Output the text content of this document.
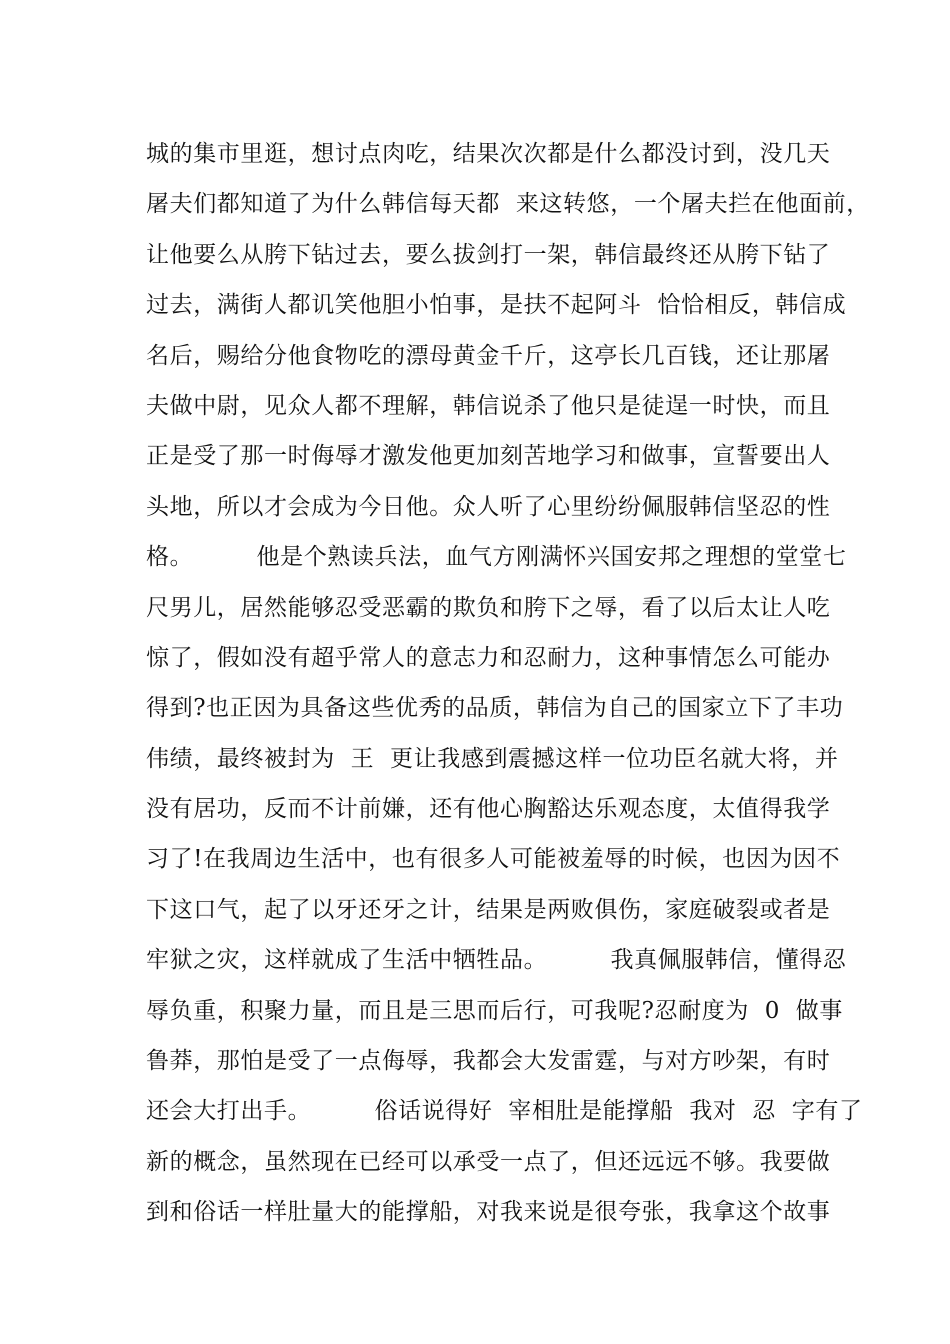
城的集市里逛，想讨点肉吃，结果次次都是什么都没讨到，没几天
屠夫们都知道了为什么韩信每天都  来这转悠，一个屠夫拦在他面前，
让他要么从胯下钻过去，要么拔剑打一架，韩信最终还从胯下钻了
过去，满街人都讥笑他胆小怕事，是扶不起阿斗  恰恰相反，韩信成
名后，赐给分他食物吃的漂母黄金千斤，这亭长几百钱，还让那屠
夫做中尉，见众人都不理解，韩信说杀了他只是徒逞一时快，而且
正是受了那一时侮辱才激发他更加刻苦地学习和做事，宣誓要出人
头地，所以才会成为今日他。众人听了心里纷纷佩服韩信坚忍的性
格。        他是个熟读兵法，血气方刚满怀兴国安邦之理想的堂堂七
尺男儿，居然能够忍受恶霸的欺负和胯下之辱，看了以后太让人吃
惊了，假如没有超乎常人的意志力和忍耐力，这种事情怎么可能办
得到?也正因为具备这些优秀的品质，韩信为自己的国家立下了丰功
伟绩，最终被封为  王  更让我感到震撼这样一位功臣名就大将，并
没有居功，反而不计前嫌，还有他心胸豁达乐观态度，太值得我学
习了!在我周边生活中，也有很多人可能被羞辱的时候，也因为因不
下这口气，起了以牙还牙之计，结果是两败俱伤，家庭破裂或者是
牢狱之灾，这样就成了生活中牺牲品。        我真佩服韩信，懂得忍
辱负重，积聚力量，而且是三思而后行，可我呢?忍耐度为  0  做事
鲁莽，那怕是受了一点侮辱，我都会大发雷霆，与对方吵架，有时
还会大打出手。        俗话说得好  宰相肚是能撑船  我对  忍  字有了
新的概念，虽然现在已经可以承受一点了，但还远远不够。我要做
到和俗话一样肚量大的能撑船，对我来说是很夸张，我拿这个故事
